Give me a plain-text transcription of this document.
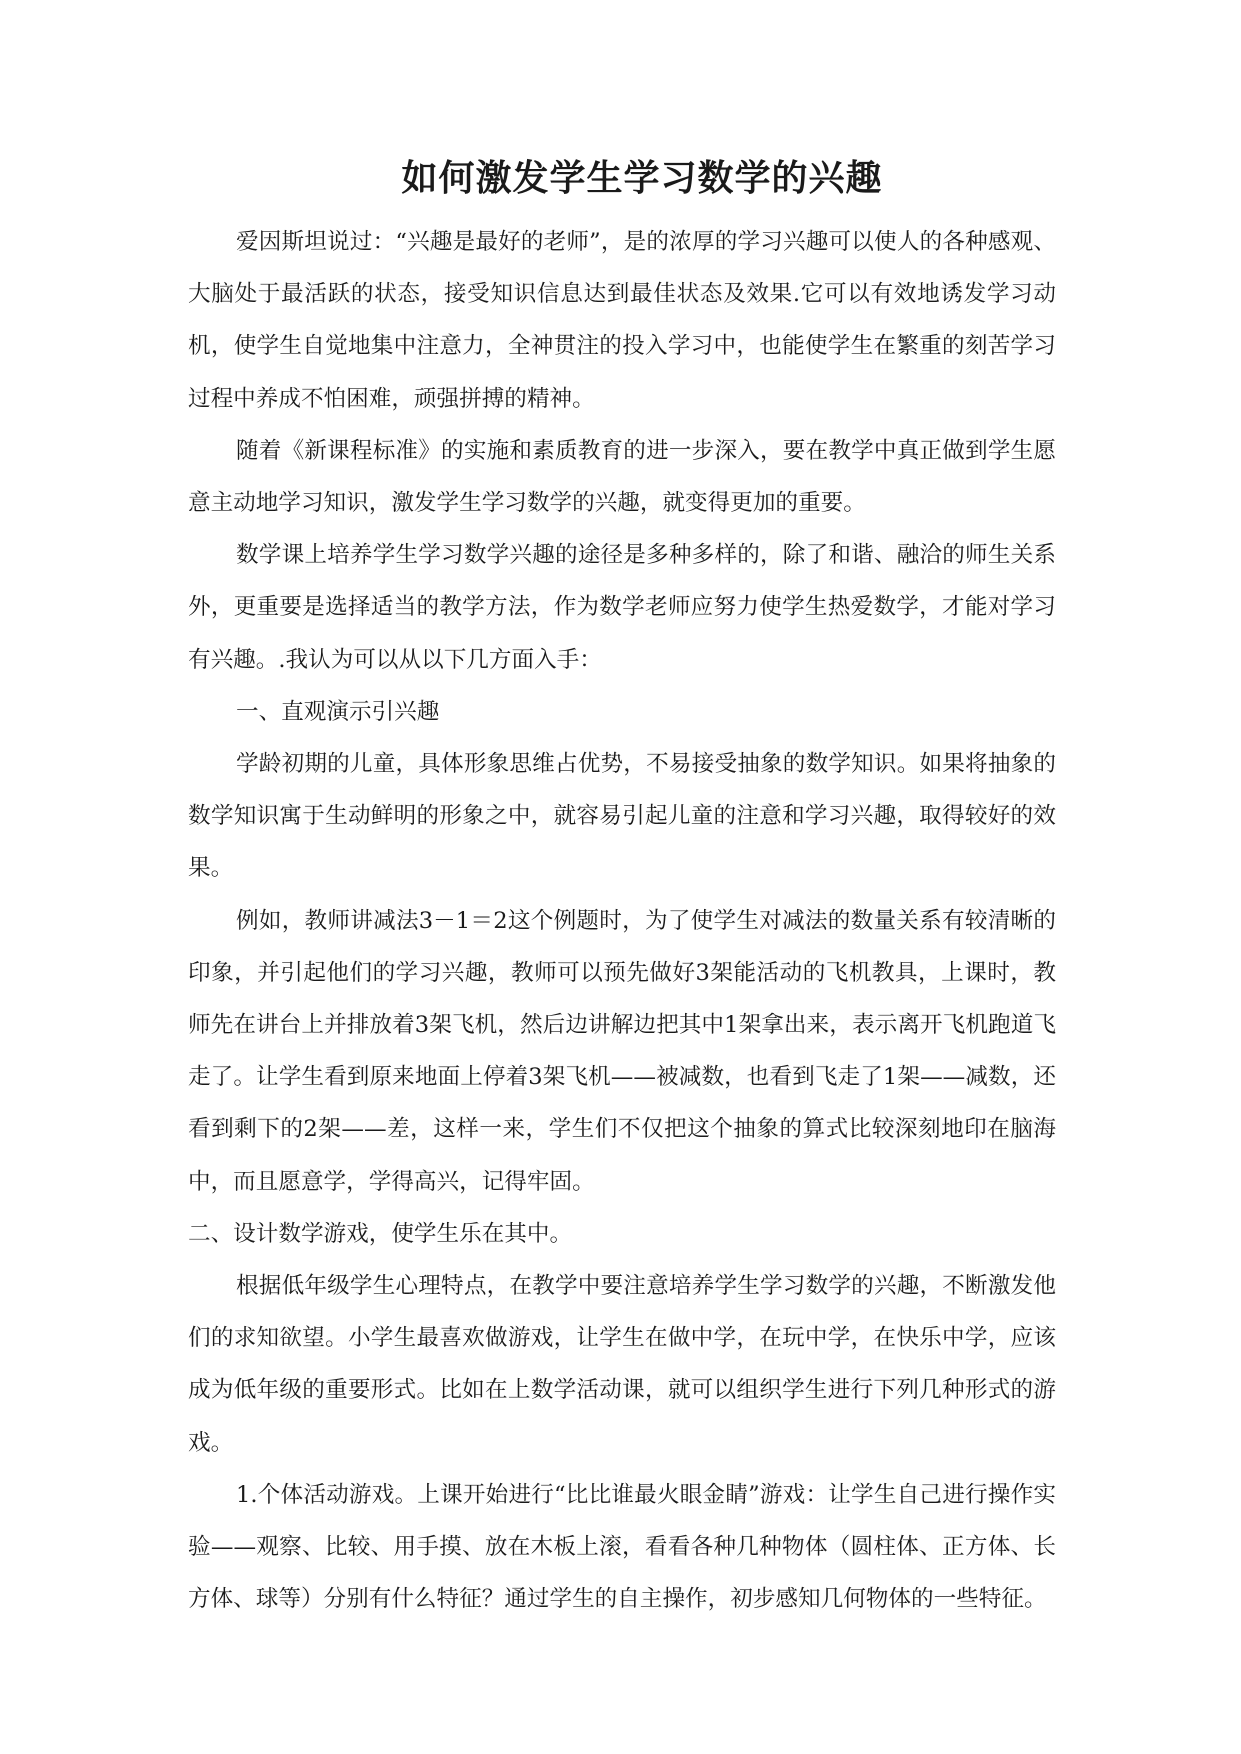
如何激发学生学习数学的兴趣

爱因斯坦说过：“兴趣是最好的老师”，是的浓厚的学习兴趣可以使人的各种感观、大脑处于最活跃的状态，接受知识信息达到最佳状态及效果.它可以有效地诱发学习动机，使学生自觉地集中注意力，全神贯注的投入学习中，也能使学生在繁重的刻苦学习过程中养成不怕困难，顽强拼搏的精神。

随着《新课程标准》的实施和素质教育的进一步深入，要在教学中真正做到学生愿意主动地学习知识，激发学生学习数学的兴趣，就变得更加的重要。

数学课上培养学生学习数学兴趣的途径是多种多样的，除了和谐、融洽的师生关系外，更重要是选择适当的教学方法，作为数学老师应努力使学生热爱数学，才能对学习有兴趣。.我认为可以从以下几方面入手：

一、直观演示引兴趣

学龄初期的儿童，具体形象思维占优势，不易接受抽象的数学知识。如果将抽象的数学知识寓于生动鲜明的形象之中，就容易引起儿童的注意和学习兴趣，取得较好的效果。

例如，教师讲减法3－1＝2这个例题时，为了使学生对减法的数量关系有较清晰的印象，并引起他们的学习兴趣，教师可以预先做好3架能活动的飞机教具，上课时，教师先在讲台上并排放着3架飞机，然后边讲解边把其中1架拿出来，表示离开飞机跑道飞走了。让学生看到原来地面上停着3架飞机——被减数，也看到飞走了1架——减数，还看到剩下的2架——差，这样一来，学生们不仅把这个抽象的算式比较深刻地印在脑海中，而且愿意学，学得高兴，记得牢固。

二、设计数学游戏，使学生乐在其中。

根据低年级学生心理特点，在教学中要注意培养学生学习数学的兴趣，不断激发他们的求知欲望。小学生最喜欢做游戏，让学生在做中学，在玩中学，在快乐中学，应该成为低年级的重要形式。比如在上数学活动课，就可以组织学生进行下列几种形式的游戏。

1.个体活动游戏。上课开始进行“比比谁最火眼金睛”游戏：让学生自己进行操作实验——观察、比较、用手摸、放在木板上滚，看看各种几种物体（圆柱体、正方体、长方体、球等）分别有什么特征？通过学生的自主操作，初步感知几何物体的一些特征。
